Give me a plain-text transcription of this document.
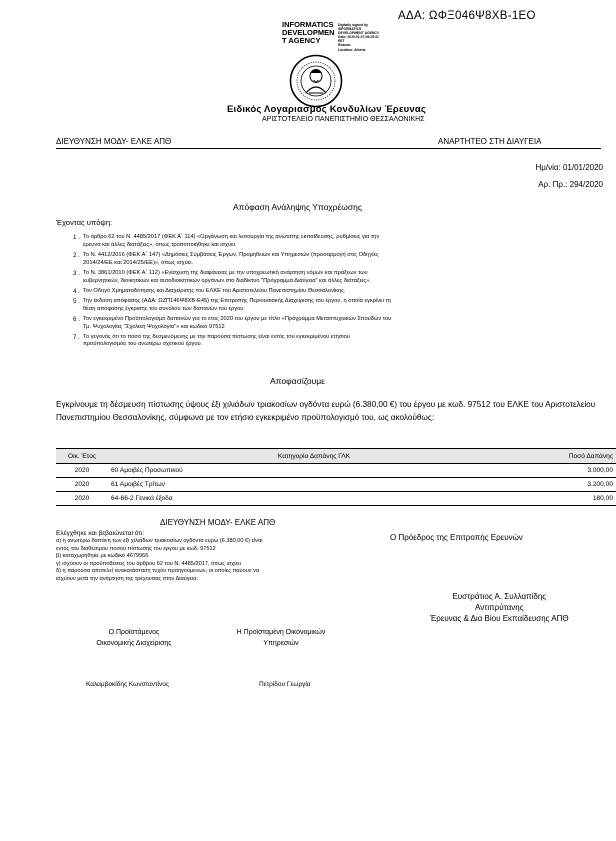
ΑΔΑ: ΩΦΞ046Ψ8ΧΒ-1ΕΟ
INFORMATICS
DEVELOPMEN
T AGENCY
Digitally signed by
INFORMATICS
DEVELOPMENT AGENCY
Date: 2020.01.07 08:25:31
EET
Reason:
Location: Athens
Ειδικός Λογαριασμός Κονδυλίων Έρευνας
ΑΡΙΣΤΟΤΕΛΕΙΟ ΠΑΝΕΠΙΣΤΗΜΙΟ ΘΕΣΣΑΛΟΝΙΚΗΣ
ΔΙΕΥΘΥΝΣΗ ΜΟΔΥ- ΕΛΚΕ ΑΠΘ	ΑΝΑΡΤΗΤΕΟ ΣΤΗ ΔΙΑΥΓΕΙΑ
Ημ/νία: 01/01/2020
Αρ. Πρ.: 294/2020
Απόφαση Ανάληψης Υποχρέωσης
Έχοντας υπόψη:
1 . Το άρθρο 62 του Ν. 4485/2017 (ΦΕΚ Α΄ 114) «Οργάνωση και λειτουργία της ανώτατης εκπαίδευσης, ρυθμίσεις για την
έρευνα και άλλες διατάξεις», όπως τροποποιήθηκε και ισχύει.
2 . Το Ν. 4412/2016 (ΦΕΚ Α΄ 147) «Δημόσιες Συμβάσεις Έργων, Προμηθειών και Υπηρεσιών (προσαρμογή στις Οδηγίες
2014/24/ΕΕ και 2014/25/ΕΕ)», όπως ισχύει.
3 . Το Ν. 3861/2010 (ΦΕΚ Α΄ 112) «Ενίσχυση της διαφάνειας με την υποχρεωτική ανάρτηση νόμων και πράξεων των
κυβερνητικών, διοικητικών και αυτοδιοικητικών οργάνων στο διαδίκτυο "Πρόγραμμα Διαύγεια" και άλλες διατάξεις».
4 . Τον Οδηγό Χρηματοδότησης και Διαχείρισης του ΕΛΚΕ του Αριστοτελείου Πανεπιστημίου Θεσσαλονίκης.
5 . Την έκδοση απόφασης (ΑΔΑ: ΩΖΠ146Ψ8ΧΒ-Ε45) της Επιτροπής Περιουσιακής Διαχείρισης του έργου, η οποία εγκρίνει τη
θέση απόφασης έγκρισης του συνόλου των δαπανών του έργου.
6 . Τον εγκεκριμένο Προϋπολογισμό δαπανών για το έτος 2020 του έργου με τίτλο «Πρόγραμμα Μεταπτυχιακών Σπουδών του
Τμ. Ψυχολογίας "Σχολική Ψυχολογία"» και κωδικό 97512
7 . Το γεγονός ότι το ποσό της δεσμευόμενης με την παρούσα πίστωσης είναι εντός του εγκεκριμένου ετήσιου
προϋπολογισμού του ανωτέρω σχετικού έργου.
Αποφασίζουμε
Εγκρίνουμε τη δέσμευση πίστωσης ύψους έξι χιλιάδων τριακοσίων ογδόντα ευρώ (6.380,00 €) του έργου με κωδ. 97512 του ΕΛΚΕ του Αριστοτελείου Πανεπιστημίου Θεσσαλονίκης, σύμφωνα με τον ετήσιο εγκεκριμένο προϋπολογισμό του, ως ακολούθως:
Οικ. Έτος	Κατηγορία Δαπάνης ΓΛΚ	Ποσό Δαπάνης
2020	60 Αμοιβές Προσωπικού	3.000,00
2020	61 Αμοιβές Τρίτων	3.200,00
2020	64-66-2 Γενικά έξοδα	180,00
ΔΙΕΥΘΥΝΣΗ ΜΟΔΥ- ΕΛΚΕ ΑΠΘ
Ελέγχθηκε και βεβαιώνεται ότι:
α) η ανωτέρω δαπάνη των έξι χιλιάδων τριακοσίων ογδόντα ευρώ (6.380,00 €) είναι
εντός του διαθέσιμου ποσού πίστωσης του έργου με κωδ. 97512
β) καταχωρήθηκε με κωδικό 4679966
γ) ισχύουν οι προϋποθέσεις του άρθρου 62 του Ν. 4485/2017, όπως ισχύει
δ) η παρούσα αποτελεί ανακατάσταση τυχόν προηγούμενων, οι οποίες παύουν να
ισχύουν μετά την ανάρτηση της τρέχουσας στην Διαύγεια.
Ο Πρόεδρος της Επιτροπής Ερευνών
Ευστράτιος Α. Συλλαπίδης
Αντιπρύτανης
Έρευνας & Δια Βίου Εκπαίδευσης ΑΠΘ
Ο Προϊστάμενος
Οικονομικής Διαχείρισης
Η Προϊσταμένη Οικονομικών
Υπηρεσιών
Καλαμβοκίδης Κωνσταντίνος	Πετρίδου Γεωργία
